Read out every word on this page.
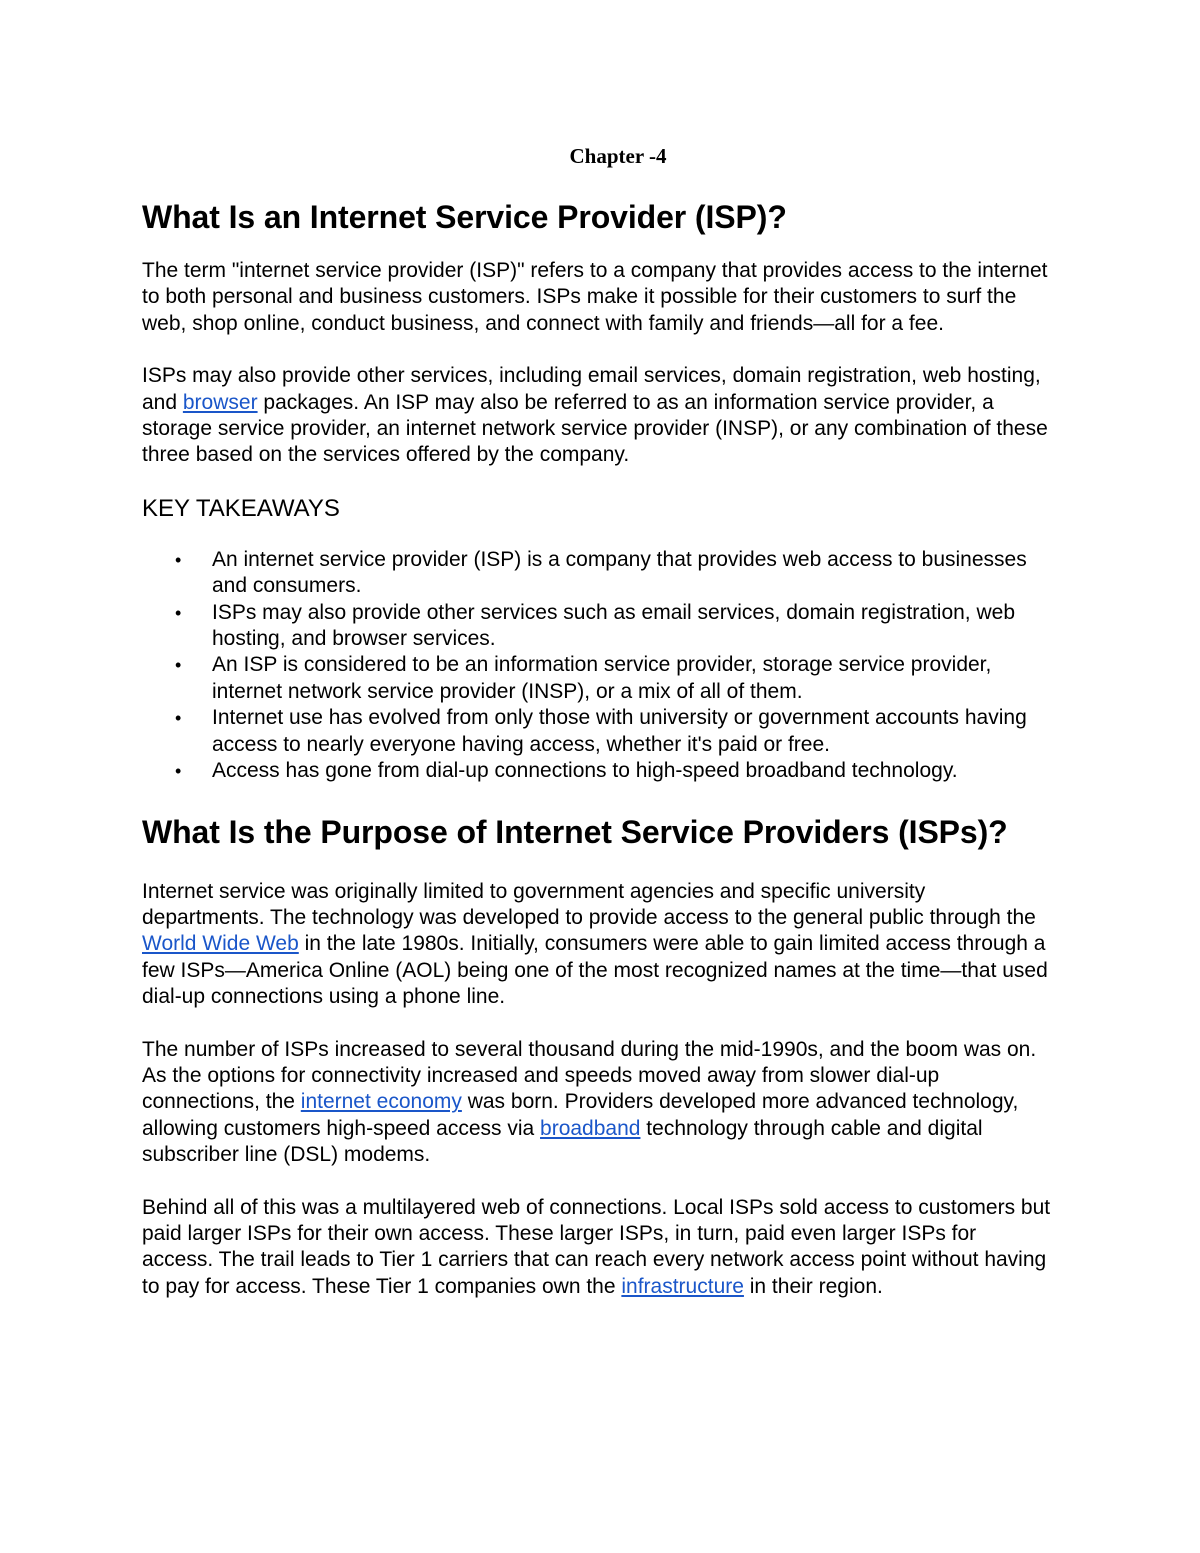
Chapter -4
What Is an Internet Service Provider (ISP)?

The term "internet service provider (ISP)" refers to a company that provides access to the internet to both personal and business customers. ISPs make it possible for their customers to surf the web, shop online, conduct business, and connect with family and friends—all for a fee.

ISPs may also provide other services, including email services, domain registration, web hosting, and browser packages. An ISP may also be referred to as an information service provider, a storage service provider, an internet network service provider (INSP), or any combination of these three based on the services offered by the company.

KEY TAKEAWAYS
• An internet service provider (ISP) is a company that provides web access to businesses and consumers.
• ISPs may also provide other services such as email services, domain registration, web hosting, and browser services.
• An ISP is considered to be an information service provider, storage service provider, internet network service provider (INSP), or a mix of all of them.
• Internet use has evolved from only those with university or government accounts having access to nearly everyone having access, whether it's paid or free.
• Access has gone from dial-up connections to high-speed broadband technology.
What Is the Purpose of Internet Service Providers (ISPs)?

Internet service was originally limited to government agencies and specific university departments. The technology was developed to provide access to the general public through the World Wide Web in the late 1980s. Initially, consumers were able to gain limited access through a few ISPs—America Online (AOL) being one of the most recognized names at the time—that used dial-up connections using a phone line.

The number of ISPs increased to several thousand during the mid-1990s, and the boom was on. As the options for connectivity increased and speeds moved away from slower dial-up connections, the internet economy was born. Providers developed more advanced technology, allowing customers high-speed access via broadband technology through cable and digital subscriber line (DSL) modems.

Behind all of this was a multilayered web of connections. Local ISPs sold access to customers but paid larger ISPs for their own access. These larger ISPs, in turn, paid even larger ISPs for access. The trail leads to Tier 1 carriers that can reach every network access point without having to pay for access. These Tier 1 companies own the infrastructure in their region.
